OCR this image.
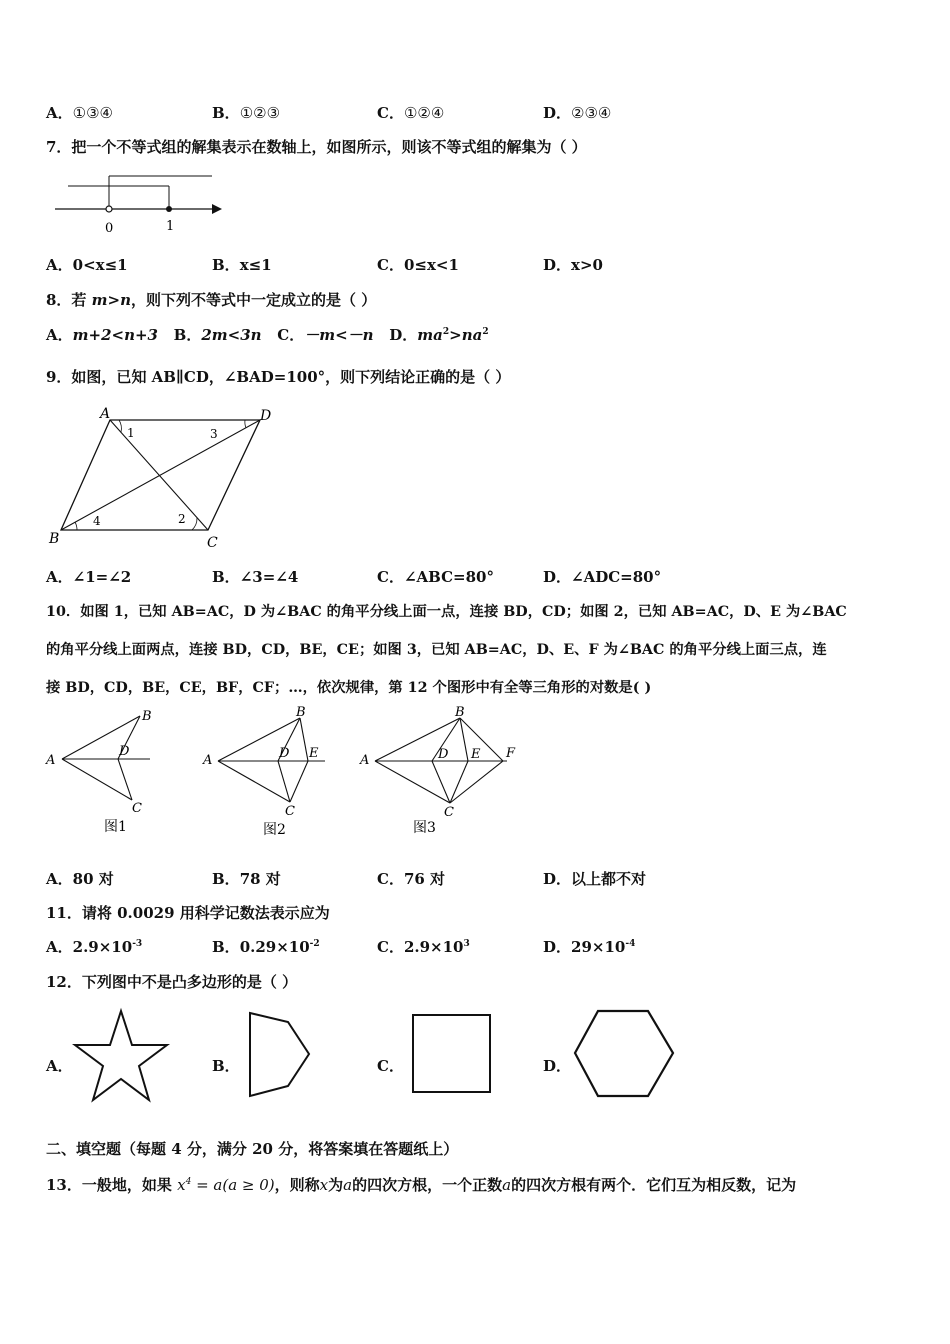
A．①③④	B．①②③	C．①②④	D．②③④
7．把一个不等式组的解集表示在数轴上，如图所示，则该不等式组的解集为（ ）
0	1
A．0<x≤1	B．x≤1	C．0≤x<1	D．x>0
8．若 m>n，则下列不等式中一定成立的是（ ）
A．m+2<n+3 B．2m<3n C．－m<－n D．$ma^2>na^2$
9．如图，已知 AB∥CD，∠BAD=100°，则下列结论正确的是（ ）
A	D
B	C
1
2
3
4
A．∠1=∠2	B．∠3=∠4	C．∠ABC=80°	D．∠ADC=80°
10．如图 1，已知 AB=AC，D 为∠BAC 的角平分线上面一点，连接 BD，CD；如图 2，已知 AB=AC，D、E 为∠BAC
的角平分线上面两点，连接 BD，CD，BE，CE；如图 3，已知 AB=AC，D、E、F 为∠BAC 的角平分线上面三点，连
接 BD，CD，BE，CE，BF，CF；…，依次规律，第 12 个图形中有全等三角形的对数是( )
A
B
D
C
图1
A
B
D E
C
图2
A
B
D E F
C
图3
A．80 对	B．78 对	C．76 对	D．以上都不对
11．请将 0.0029 用科学记数法表示应为
A．$2.9\times 10^{-3}$	B．$0.29\times 10^{-2}$	C．$2.9\times 10^3$	D．$29\times 10^{-4}$
12．下列图中不是凸多边形的是（ ）
A．	B．	C．	D．
二、填空题（每题 4 分，满分 20 分，将答案填在答题纸上）
13．一般地，如果 $x^4 = a(a \ge 0)$，则称x为a的四次方根，一个正数a的四次方根有两个．它们互为相反数，记为
